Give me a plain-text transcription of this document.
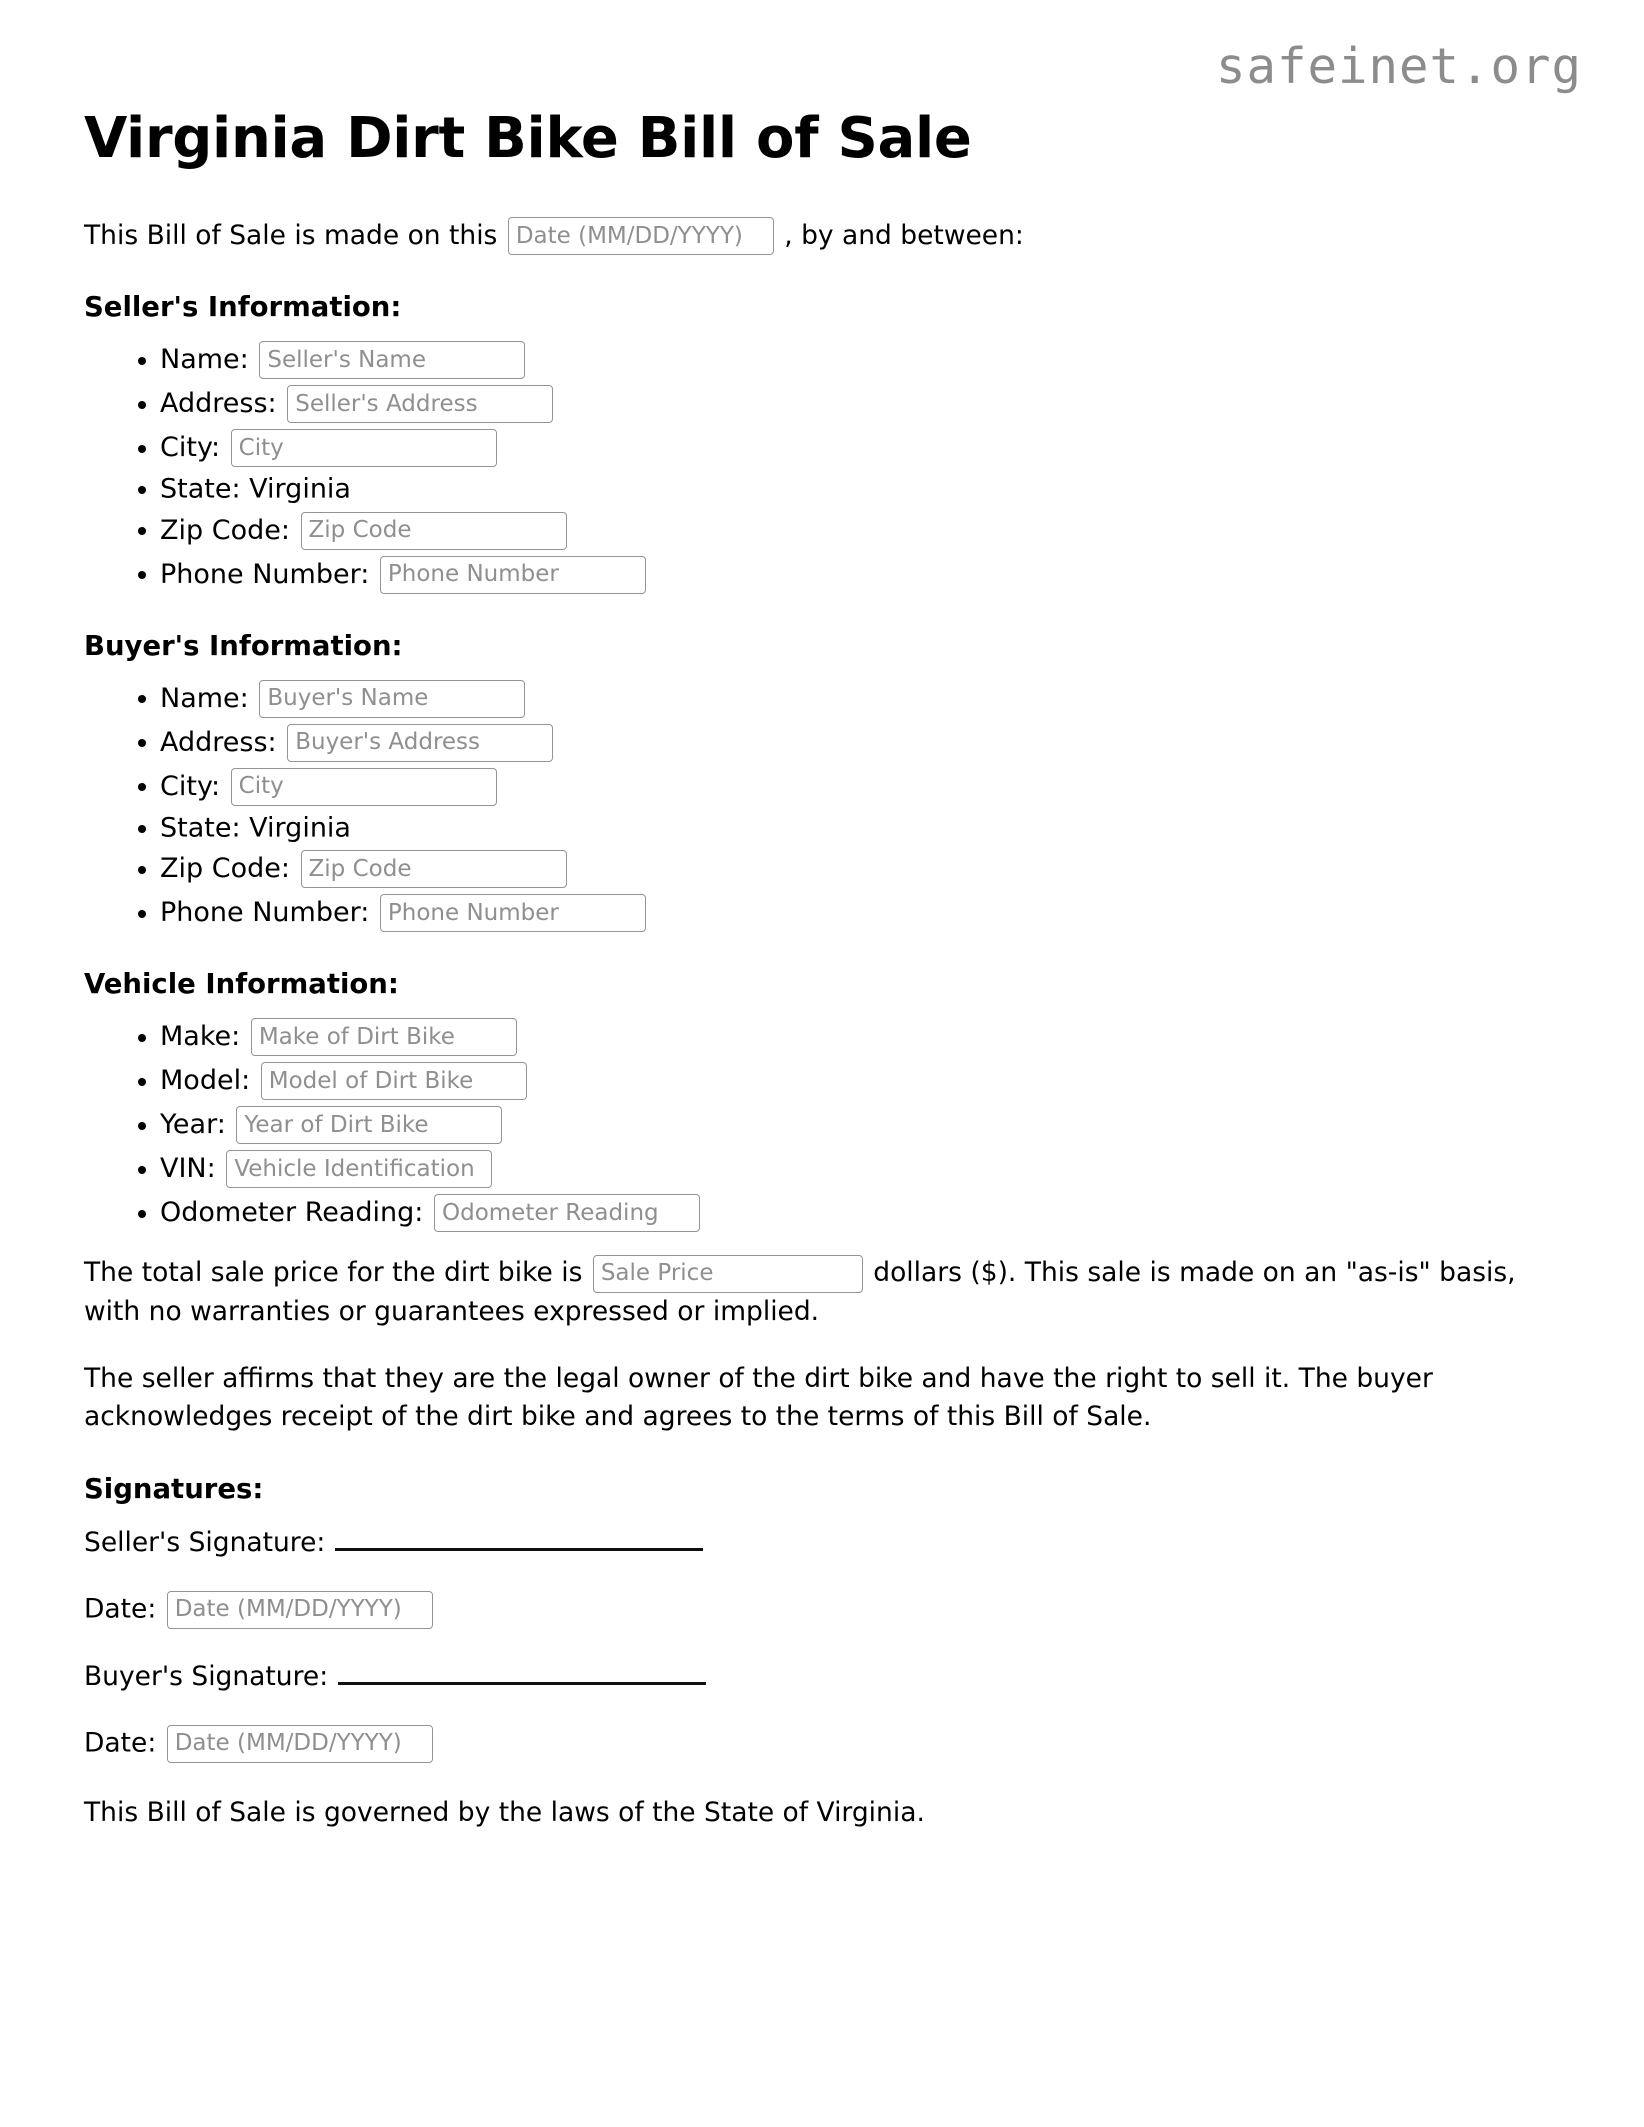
safeinet.org
Virginia Dirt Bike Bill of Sale

This Bill of Sale is made on this Date (MM/DD/YYYY)	, by and between:

Seller's Information:
• Name: Seller's Name
• Address: Seller's Address
• City: City
• State: Virginia
• Zip Code: Zip Code
• Phone Number: Phone Number
Buyer's Information:
• Name: Buyer's Name
• Address: Buyer's Address
• City: City
• State: Virginia
• Zip Code: Zip Code
• Phone Number: Phone Number
Vehicle Information:
• Make: Make of Dirt Bike
• Model: Model of Dirt Bike
• Year: Year of Dirt Bike
• VIN: Vehicle Identification Num
• Odometer Reading: Odometer Reading

The total sale price for the dirt bike is Sale Price	dollars ($). This sale is made on an "as-is" basis, with no warranties or guarantees expressed or implied.

The seller affirms that they are the legal owner of the dirt bike and have the right to sell it. The buyer acknowledges receipt of the dirt bike and agrees to the terms of this Bill of Sale.

Signatures:
Seller's Signature:
Date: Date (MM/DD/YYYY)
Buyer's Signature:
Date: Date (MM/DD/YYYY)

This Bill of Sale is governed by the laws of the State of Virginia.
